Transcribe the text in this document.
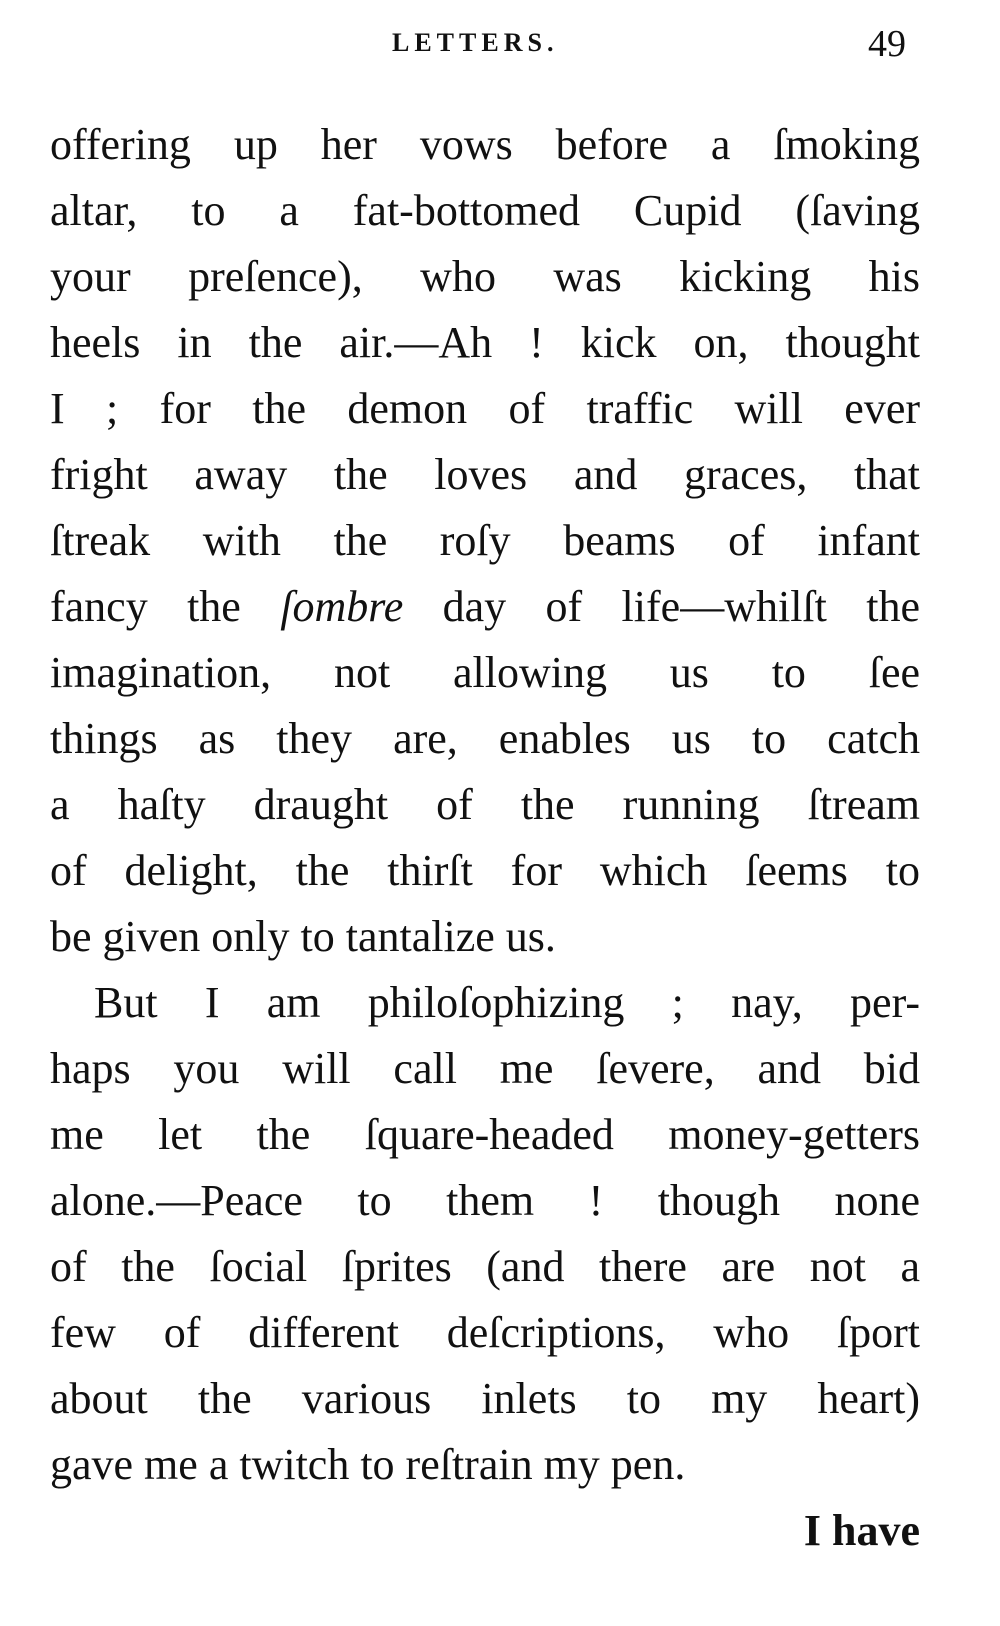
LETTERS.	49
offering up her vows before a ſmoking
altar, to a fat-bottomed Cupid (ſaving
your preſence), who was kicking his
heels in the air.—Ah ! kick on, thought
I ; for the demon of traffic will ever
fright away the loves and graces, that
ſtreak with the roſy beams of infant
fancy the ſombre day of life—whilſt the
imagination, not allowing us to ſee
things as they are, enables us to catch
a haſty draught of the running ſtream
of delight, the thirſt for which ſeems to
be given only to tantalize us.
But I am philoſophizing ; nay, per-
haps you will call me ſevere, and bid
me let the ſquare-headed money-getters
alone.—Peace to them ! though none
of the ſocial ſprites (and there are not a
few of different deſcriptions, who ſport
about the various inlets to my heart)
gave me a twitch to reſtrain my pen.
I have
